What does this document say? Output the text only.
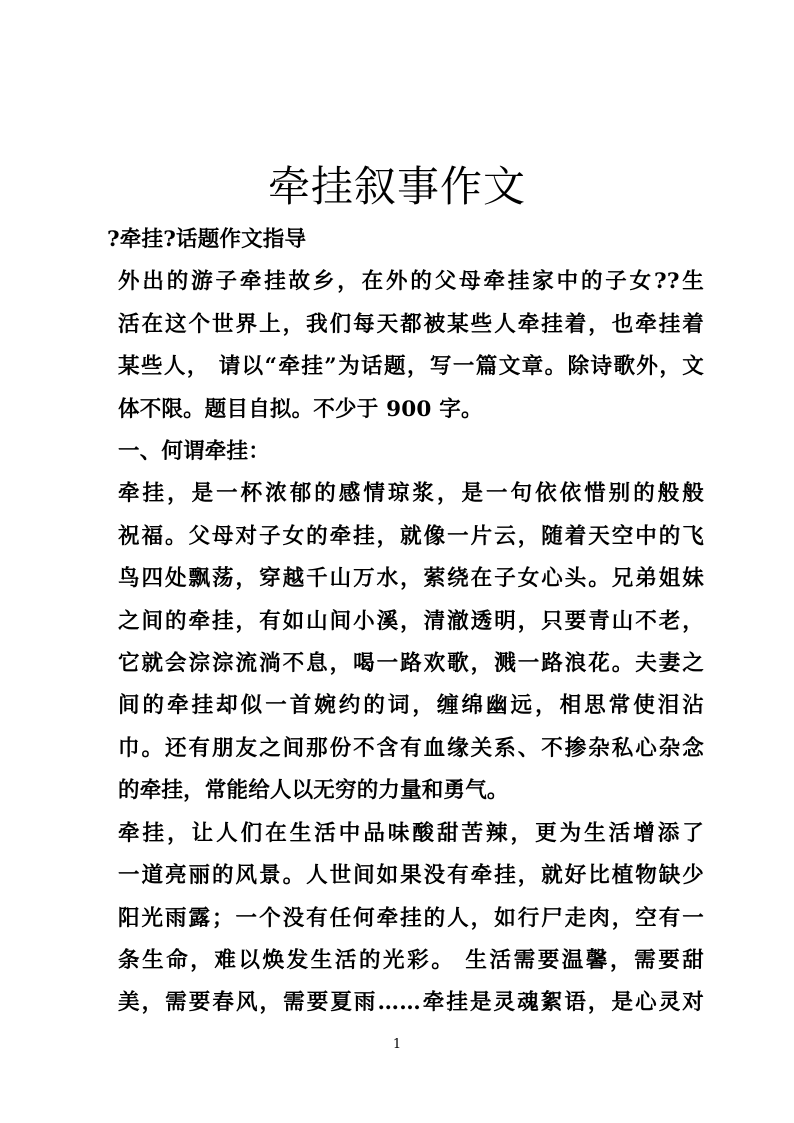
牵挂叙事作文
?牵挂?话题作文指导
外出的游子牵挂故乡，在外的父母牵挂家中的子女??生
活在这个世界上，我们每天都被某些人牵挂着，也牵挂着
某些人， 请以“牵挂”为话题，写一篇文章。除诗歌外，文
体不限。题目自拟。不少于 900 字。
一、何谓牵挂：
牵挂，是一杯浓郁的感情琼浆，是一句依依惜别的般般
祝福。父母对子女的牵挂，就像一片云，随着天空中的飞
鸟四处飘荡，穿越千山万水，萦绕在子女心头。兄弟姐妹
之间的牵挂，有如山间小溪，清澈透明，只要青山不老，
它就会淙淙流淌不息，喝一路欢歌，溅一路浪花。夫妻之
间的牵挂却似一首婉约的词，缠绵幽远，相思常使泪沾
巾。还有朋友之间那份不含有血缘关系、不掺杂私心杂念
的牵挂，常能给人以无穷的力量和勇气。
牵挂，让人们在生活中品味酸甜苦辣，更为生活增添了
一道亮丽的风景。人世间如果没有牵挂，就好比植物缺少
阳光雨露；一个没有任何牵挂的人，如行尸走肉，空有一
条生命，难以焕发生活的光彩。 生活需要温馨，需要甜
美，需要春风，需要夏雨……牵挂是灵魂絮语，是心灵对
1
